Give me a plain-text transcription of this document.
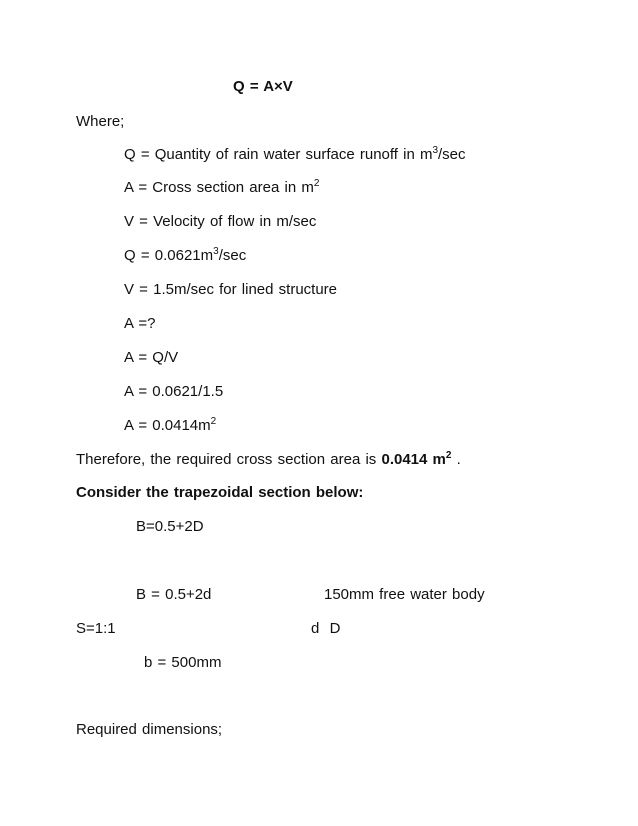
Q = A×V
Where;
Q = Quantity of rain water surface runoff in $m^3/\sec$
A = Cross section area in $m^2$
V = Velocity of flow in m/sec
$Q = 0.0621m^3/\sec$
V = 1.5m/sec for lined structure
A =?
A = Q/V
A = 0.0621/1.5
$A = 0.0414m^2$
Therefore, the required cross section area is 0.0414 $m^2$ .
Consider the trapezoidal section below:
B=0.5+2D
B = 0.5+2d	150mm free water body
S=1:1	d  D
b = 500mm
Required dimensions;
